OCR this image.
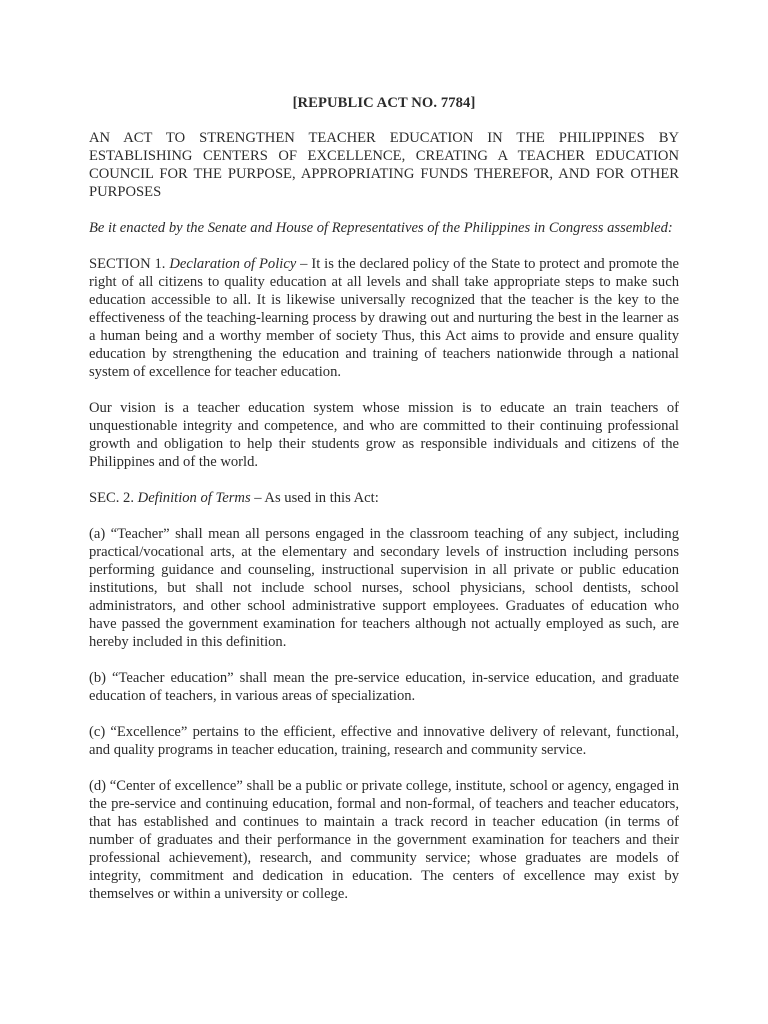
[REPUBLIC ACT NO. 7784]
AN ACT TO STRENGTHEN TEACHER EDUCATION IN THE PHILIPPINES BY ESTABLISHING CENTERS OF EXCELLENCE, CREATING A TEACHER EDUCATION COUNCIL FOR THE PURPOSE, APPROPRIATING FUNDS THEREFOR, AND FOR OTHER PURPOSES
Be it enacted by the Senate and House of Representatives of the Philippines in Congress assembled:

SECTION 1. Declaration of Policy – It is the declared policy of the State to protect and promote the right of all citizens to quality education at all levels and shall take appropriate steps to make such education accessible to all. It is likewise universally recognized that the teacher is the key to the effectiveness of the teaching-learning process by drawing out and nurturing the best in the learner as a human being and a worthy member of society Thus, this Act aims to provide and ensure quality education by strengthening the education and training of teachers nationwide through a national system of excellence for teacher education.

Our vision is a teacher education system whose mission is to educate an train teachers of unquestionable integrity and competence, and who are committed to their continuing professional growth and obligation to help their students grow as responsible individuals and citizens of the Philippines and of the world.

SEC. 2. Definition of Terms – As used in this Act:

(a) “Teacher” shall mean all persons engaged in the classroom teaching of any subject, including practical/vocational arts, at the elementary and secondary levels of instruction including persons performing guidance and counseling, instructional supervision in all private or public education institutions, but shall not include school nurses, school physicians, school dentists, school administrators, and other school administrative support employees. Graduates of education who have passed the government examination for teachers although not actually employed as such, are hereby included in this definition.

(b) “Teacher education” shall mean the pre-service education, in-service education, and graduate education of teachers, in various areas of specialization.

(c) “Excellence” pertains to the efficient, effective and innovative delivery of relevant, functional, and quality programs in teacher education, training, research and community service.

(d) “Center of excellence” shall be a public or private college, institute, school or agency, engaged in the pre-service and continuing education, formal and non-formal, of teachers and teacher educators, that has established and continues to maintain a track record in teacher education (in terms of number of graduates and their performance in the government examination for teachers and their professional achievement), research, and community service; whose graduates are models of integrity, commitment and dedication in education. The centers of excellence may exist by themselves or within a university or college.
